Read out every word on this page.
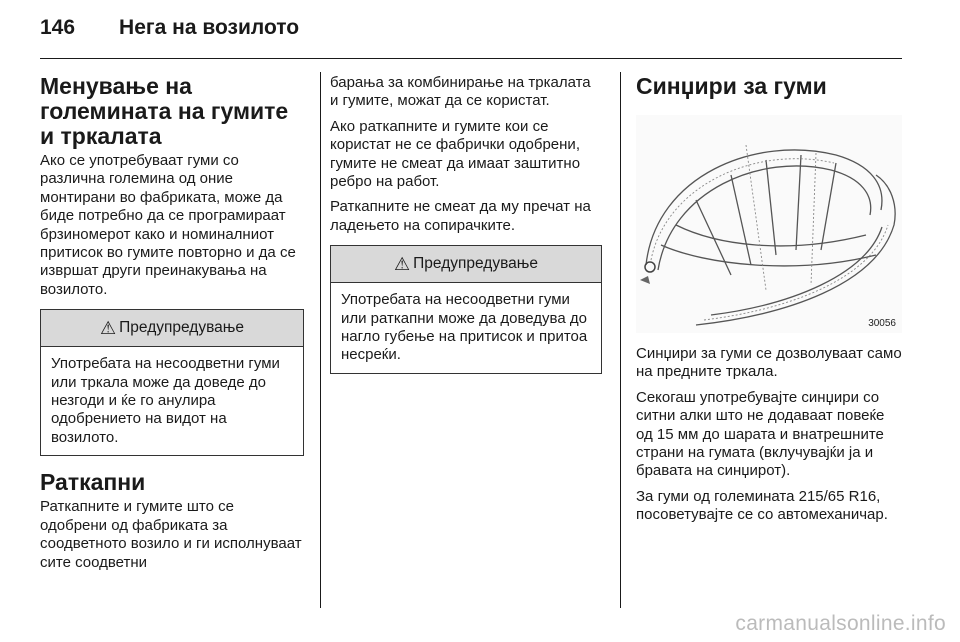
146 Нега на возилото
Менување на големината на гумите и тркалата

Ако се употребуваат гуми со различна големина од оние монтирани во фабриката, може да биде потребно да се програмираат брзиномерот како и номиналниот притисок во гумите повторно и да се извршат други преинакувања на возилото.

⚠ Предупредување
Употребата на несоодветни гуми или тркала може да доведе до незгоди и ќе го анулира одобрението на видот на возилото.
Раткапни

Раткапните и гумите што се одобрени од фабриката за соодветното возило и ги исполнуваат сите соодветни

барања за комбинирање на тркалата и гумите, можат да се користат.

Ако раткапните и гумите кои се користат не се фабрички одобрени, гумите не смеат да имаат заштитно ребро на работ.

Раткапните не смеат да му пречат на ладењето на сопирачките.

⚠ Предупредување
Употребата на несоодветни гуми или раткапни може да доведува до нагло губење на притисок и притоа несреќи.
Синџири за гуми
30056

Синџири за гуми се дозволуваат само на предните тркала.

Секогаш употребувајте синџири со ситни алки што не додаваат повеќе од 15 мм до шарата и внатрешните страни на гумата (вклучувајќи ја и бравата на синџирот).

За гуми од големината 215/65 R16, посоветувајте се со автомеханичар.

carmanualsonline.info
